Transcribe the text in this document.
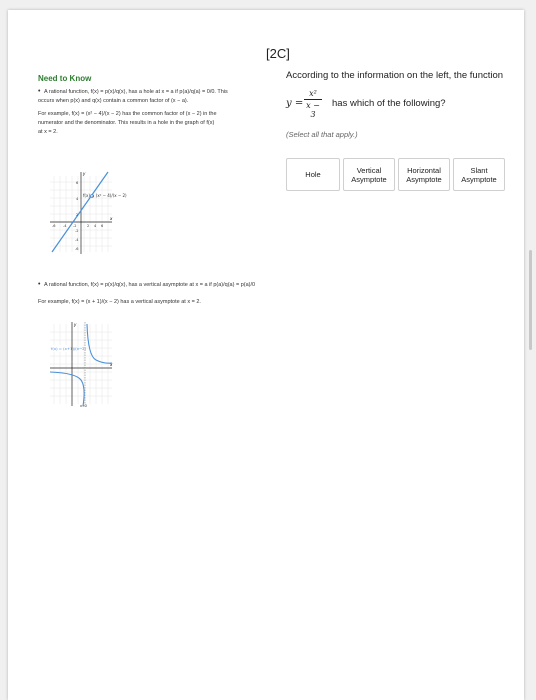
[2C]
Need to Know
• A rational function, f(x) = p(x)/q(x), has a hole at x = a if p(a)/q(a) = 0/0. This
occurs when p(x) and q(x) contain a common factor of (x − a).
For example, f(x) = (x² − 4)/(x − 2) has the common factor of (x − 2) in the
numerator and the denominator. This results in a hole in the graph of f(x)
at x = 2.
f(x) = (x² − 4)/(x − 2)
y
x
-6 -4 -2	2 4 6
6
4
2
-2
-4
-6
• A rational function, f(x) = p(x)/q(x), has a vertical asymptote at x = a if p(a)/q(a) = p(a)/0
For example, f(x) = (x + 1)/(x − 2) has a vertical asymptote at x = 2.
f(x) = (x+1)/(x−2)
x=2
y
x
According to the information on the left, the function
$y = \frac{\text{x²}}{x - 3}$ has which of the following?
(Select all that apply.)
Hole	Vertical
Asymptote
Horizontal
Asymptote
Slant
Asymptote
